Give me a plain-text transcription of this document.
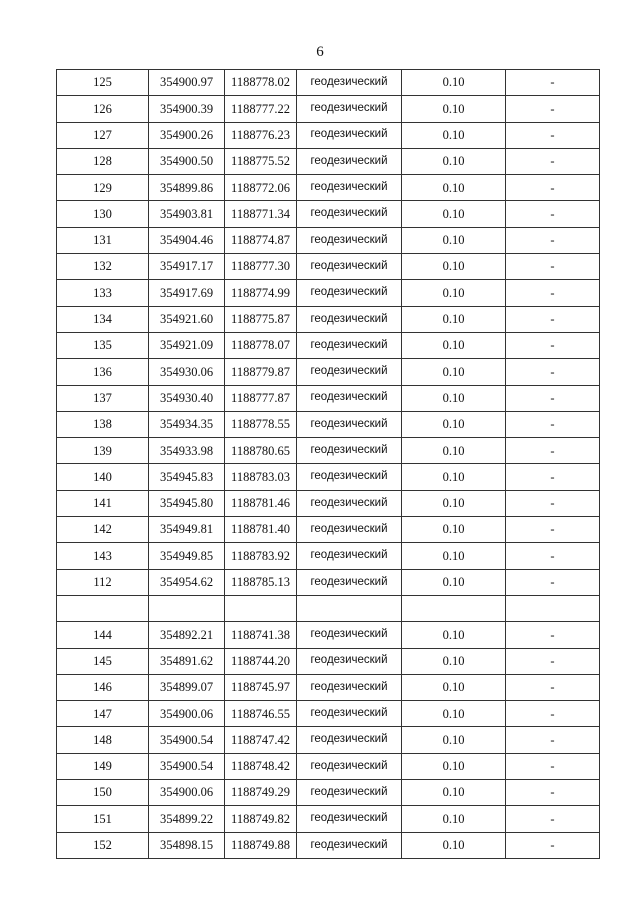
6
125	354900.97	1188778.02	геодезический	0.10	-
126	354900.39	1188777.22	геодезический	0.10	-
127	354900.26	1188776.23	геодезический	0.10	-
128	354900.50	1188775.52	геодезический	0.10	-
129	354899.86	1188772.06	геодезический	0.10	-
130	354903.81	1188771.34	геодезический	0.10	-
131	354904.46	1188774.87	геодезический	0.10	-
132	354917.17	1188777.30	геодезический	0.10	-
133	354917.69	1188774.99	геодезический	0.10	-
134	354921.60	1188775.87	геодезический	0.10	-
135	354921.09	1188778.07	геодезический	0.10	-
136	354930.06	1188779.87	геодезический	0.10	-
137	354930.40	1188777.87	геодезический	0.10	-
138	354934.35	1188778.55	геодезический	0.10	-
139	354933.98	1188780.65	геодезический	0.10	-
140	354945.83	1188783.03	геодезический	0.10	-
141	354945.80	1188781.46	геодезический	0.10	-
142	354949.81	1188781.40	геодезический	0.10	-
143	354949.85	1188783.92	геодезический	0.10	-
112	354954.62	1188785.13	геодезический	0.10	-

144	354892.21	1188741.38	геодезический	0.10	-
145	354891.62	1188744.20	геодезический	0.10	-
146	354899.07	1188745.97	геодезический	0.10	-
147	354900.06	1188746.55	геодезический	0.10	-
148	354900.54	1188747.42	геодезический	0.10	-
149	354900.54	1188748.42	геодезический	0.10	-
150	354900.06	1188749.29	геодезический	0.10	-
151	354899.22	1188749.82	геодезический	0.10	-
152	354898.15	1188749.88	геодезический	0.10	-
